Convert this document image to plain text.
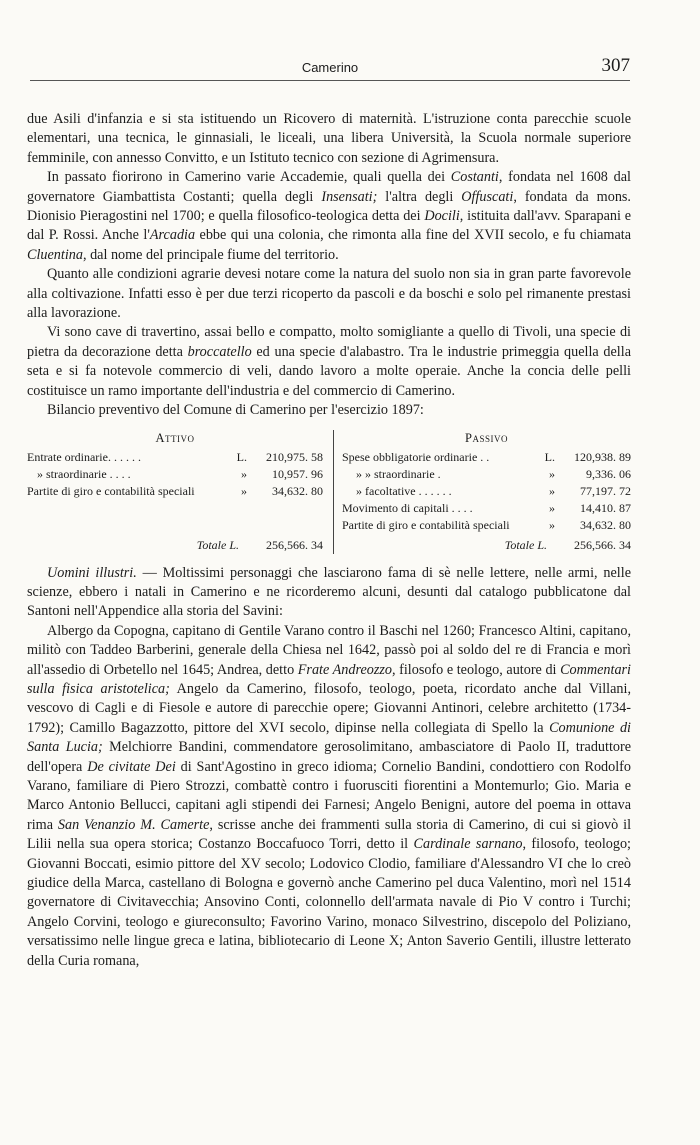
Camerino	307

due Asili d'infanzia e si sta istituendo un Ricovero di maternità. L'istruzione conta parecchie scuole elementari, una tecnica, le ginnasiali, le liceali, una libera Università, la Scuola normale superiore femminile, con annesso Convitto, e un Istituto tecnico con sezione di Agrimensura.

In passato fiorirono in Camerino varie Accademie, quali quella dei Costanti, fondata nel 1608 dal governatore Giambattista Costanti; quella degli Insensati; l'altra degli Offuscati, fondata da mons. Dionisio Pieragostini nel 1700; e quella filosofico-teologica detta dei Docili, istituita dall'avv. Sparapani e dal P. Rossi. Anche l'Arcadia ebbe qui una colonia, che rimonta alla fine del XVII secolo, e fu chiamata Cluentina, dal nome del principale fiume del territorio.

Quanto alle condizioni agrarie devesi notare come la natura del suolo non sia in gran parte favorevole alla coltivazione. Infatti esso è per due terzi ricoperto da pascoli e da boschi e solo pel rimanente prestasi alla lavorazione.

Vi sono cave di travertino, assai bello e compatto, molto somigliante a quello di Tivoli, una specie di pietra da decorazione detta broccatello ed una specie d'alabastro. Tra le industrie primeggia quella della seta e si fa notevole commercio di veli, dando lavoro a molte operaie. Anche la concia delle pelli costituisce un ramo importante dell'industria e del commercio di Camerino.

Bilancio preventivo del Comune di Camerino per l'esercizio 1897:

Attivo
Entrate ordinarie. . . . . .	L.	210,975. 58
» straordinarie . . . .	»	10,957. 96
Partite di giro e contabilità speciali	»	34,632. 80
Totale L.	256,566. 34
Passivo
Spese obbligatorie ordinarie . .	L.	120,938. 89
» » straordinarie .	»	9,336. 06
» facoltative . . . . . .	»	77,197. 72
Movimento di capitali . . . .	»	14,410. 87
Partite di giro e contabilità speciali	»	34,632. 80
Totale L.	256,566. 34

Uomini illustri. — Moltissimi personaggi che lasciarono fama di sè nelle lettere, nelle armi, nelle scienze, ebbero i natali in Camerino e ne ricorderemo alcuni, desunti dal catalogo pubblicatone dal Santoni nell'Appendice alla storia del Savini:

Albergo da Copogna, capitano di Gentile Varano contro il Baschi nel 1260; Francesco Altini, capitano, militò con Taddeo Barberini, generale della Chiesa nel 1642, passò poi al soldo del re di Francia e morì all'assedio di Orbetello nel 1645; Andrea, detto Frate Andreozzo, filosofo e teologo, autore di Commentari sulla fisica aristotelica; Angelo da Camerino, filosofo, teologo, poeta, ricordato anche dal Villani, vescovo di Cagli e di Fiesole e autore di parecchie opere; Giovanni Antinori, celebre architetto (1734-1792); Camillo Bagazzotto, pittore del XVI secolo, dipinse nella collegiata di Spello la Comunione di Santa Lucia; Melchiorre Bandini, commendatore gerosolimitano, ambasciatore di Paolo II, traduttore dell'opera De civitate Dei di Sant'Agostino in greco idioma; Cornelio Bandini, condottiero con Rodolfo Varano, familiare di Piero Strozzi, combattè contro i fuorusciti fiorentini a Montemurlo; Gio. Maria e Marco Antonio Bellucci, capitani agli stipendi dei Farnesi; Angelo Benigni, autore del poema in ottava rima San Venanzio M. Camerte, scrisse anche dei frammenti sulla storia di Camerino, di cui si giovò il Lilii nella sua opera storica; Costanzo Boccafuoco Torri, detto il Cardinale sarnano, filosofo, teologo; Giovanni Boccati, esimio pittore del XV secolo; Lodovico Clodio, familiare d'Alessandro VI che lo creò giudice della Marca, castellano di Bologna e governò anche Camerino pel duca Valentino, morì nel 1514 governatore di Civitavecchia; Ansovino Conti, colonnello dell'armata navale di Pio V contro i Turchi; Angelo Corvini, teologo e giureconsulto; Favorino Varino, monaco Silvestrino, discepolo del Poliziano, versatissimo nelle lingue greca e latina, bibliotecario di Leone X; Anton Saverio Gentili, illustre letterato della Curia romana,
